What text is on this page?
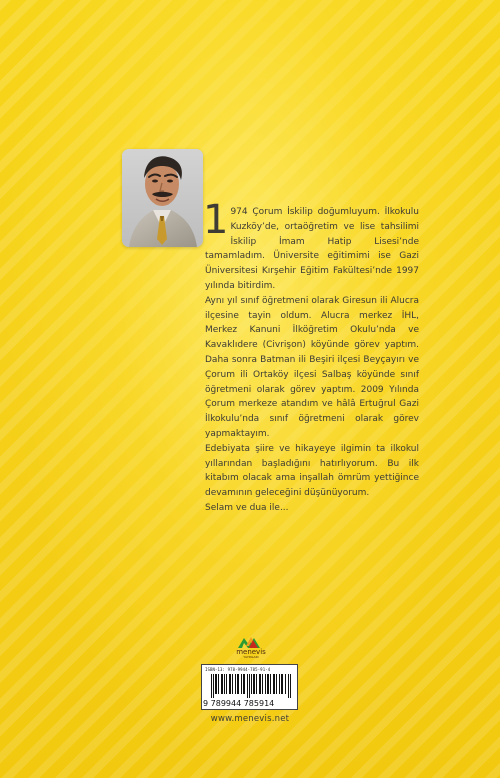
1 974 Çorum İskilip doğumluyum. İlkokulu Kuzköy’de, ortaöğretim ve lise tahsilimi İskilip İmam Hatip Lisesi’nde tamamladım. Üniversite eğitimimi ise Gazi Üniversitesi Kırşehir Eğitim Fakültesi’nde 1997 yılında bitirdim.

Aynı yıl sınıf öğretmeni olarak Giresun ili Alucra ilçesine tayin oldum. Alucra merkez İHL, Merkez Kanuni İlköğretim Okulu’nda ve Kavaklıdere (Civrişon) köyünde görev yaptım. Daha sonra Batman ili Beşiri ilçesi Beyçayırı ve Çorum ili Ortaköy ilçesi Salbaş köyünde sınıf öğretmeni olarak görev yaptım. 2009 Yılında Çorum merkeze atandım ve hâlâ Ertuğrul Gazi İlkokulu’nda sınıf öğretmeni olarak görev yapmaktayım.

Edebiyata şiire ve hikayeye ilgimin ta ilkokul yıllarından başladığını hatırlıyorum. Bu ilk kitabım olacak ama inşallah ömrüm yettiğince devamının geleceğini düşünüyorum.

Selam ve dua ile...

menevis
YAYINLARI
ISBN-13: 978-9944-785-91-4
9 789944 785914
www.menevis.net
